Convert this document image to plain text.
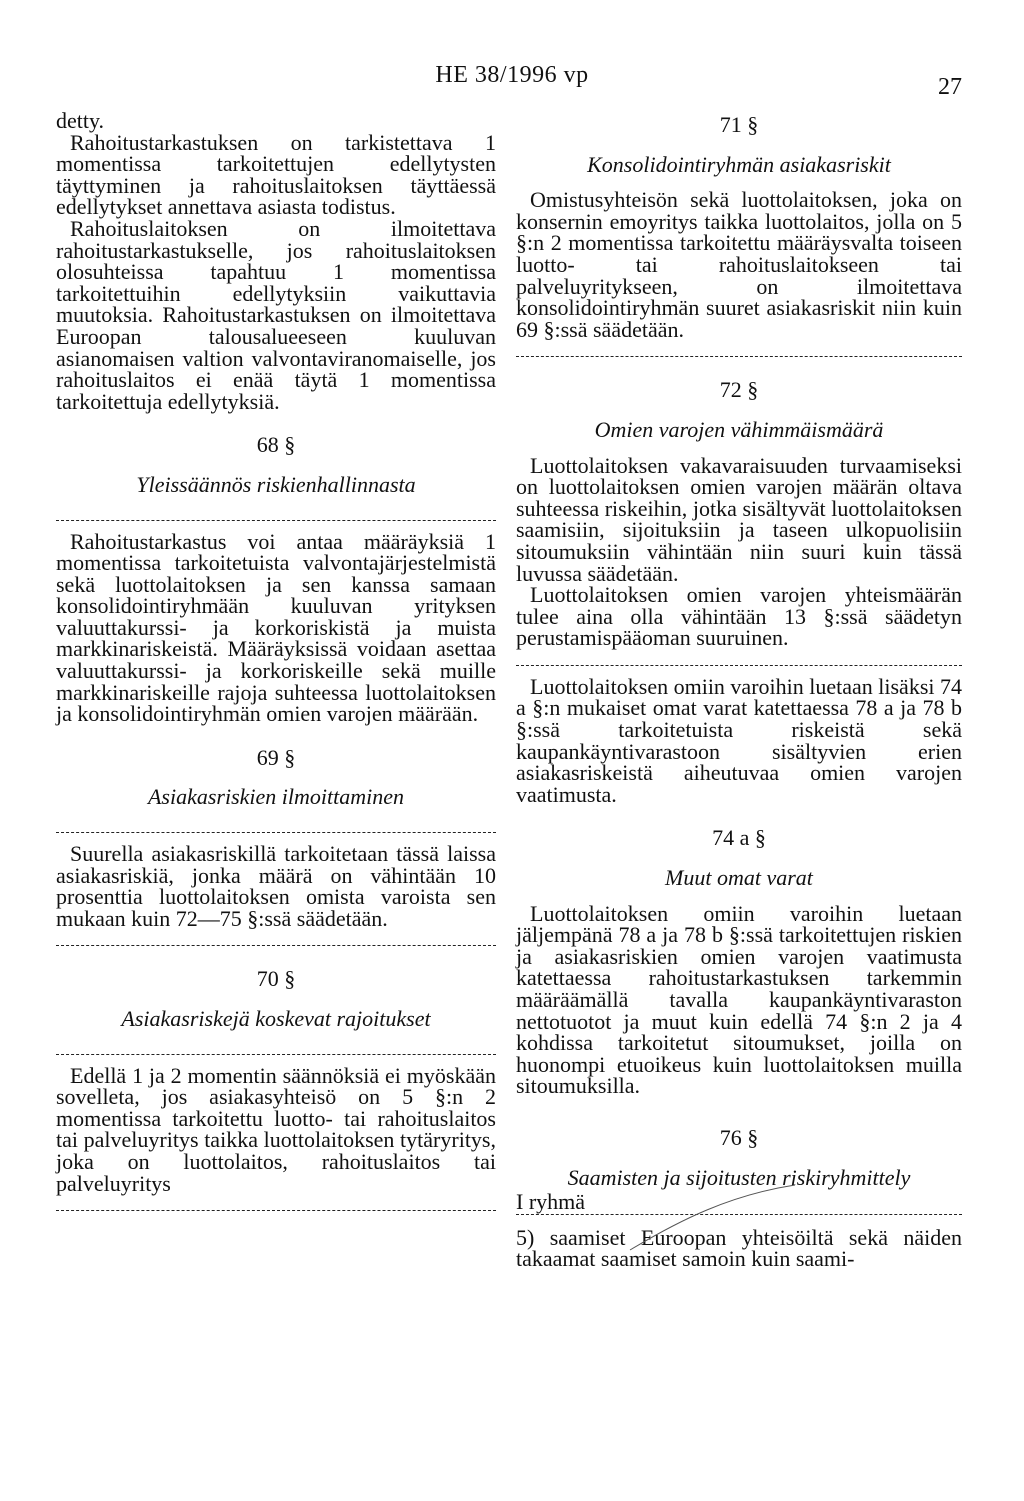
HE 38/1996 vp	27

detty.

Rahoitustarkastuksen on tarkistettava 1 momentissa tarkoitettujen edellytysten täyttyminen ja rahoituslaitoksen täyttäessä edellytykset annettava asiasta todistus.

Rahoituslaitoksen on ilmoitettava rahoitustarkastukselle, jos rahoituslaitoksen olosuhteissa tapahtuu 1 momentissa tarkoitettuihin edellytyksiin vaikuttavia muutoksia. Rahoitustarkastuksen on ilmoitettava Euroopan talousalueeseen kuuluvan asianomaisen valtion valvontaviranomaiselle, jos rahoituslaitos ei enää täytä 1 momentissa tarkoitettuja edellytyksiä.

68 §
Yleissäännös riskienhallinnasta

Rahoitustarkastus voi antaa määräyksiä 1 momentissa tarkoitetuista valvontajärjestelmistä sekä luottolaitoksen ja sen kanssa samaan konsolidointiryhmään kuuluvan yrityksen valuuttakurssi- ja korkoriskistä ja muista markkinariskeistä. Määräyksissä voidaan asettaa valuuttakurssi- ja korkoriskeille sekä muille markkinariskeille rajoja suhteessa luottolaitoksen ja konsolidointiryhmän omien varojen määrään.

69 §
Asiakasriskien ilmoittaminen

Suurella asiakasriskillä tarkoitetaan tässä laissa asiakasriskiä, jonka määrä on vähintään 10 prosenttia luottolaitoksen omista varoista sen mukaan kuin 72—75 §:ssä säädetään.

70 §
Asiakasriskejä koskevat rajoitukset

Edellä 1 ja 2 momentin säännöksiä ei myöskään sovelleta, jos asiakasyhteisö on 5 §:n 2 momentissa tarkoitettu luotto- tai rahoituslaitos tai palveluyritys taikka luottolaitoksen tytäryritys, joka on luottolaitos, rahoituslaitos tai palveluyritys

71 §
Konsolidointiryhmän asiakasriskit

Omistusyhteisön sekä luottolaitoksen, joka on konsernin emoyritys taikka luottolaitos, jolla on 5 §:n 2 momentissa tarkoitettu määräysvalta toiseen luotto- tai rahoituslaitokseen tai palveluyritykseen, on ilmoitettava konsolidointiryhmän suuret asiakasriskit niin kuin 69 §:ssä säädetään.

72 §
Omien varojen vähimmäismäärä

Luottolaitoksen vakavaraisuuden turvaamiseksi on luottolaitoksen omien varojen määrän oltava suhteessa riskeihin, jotka sisältyvät luottolaitoksen saamisiin, sijoituksiin ja taseen ulkopuolisiin sitoumuksiin vähintään niin suuri kuin tässä luvussa säädetään.

Luottolaitoksen omien varojen yhteismäärän tulee aina olla vähintään 13 §:ssä säädetyn perustamispääoman suuruinen.

Luottolaitoksen omiin varoihin luetaan lisäksi 74 a §:n mukaiset omat varat katettaessa 78 a ja 78 b §:ssä tarkoitetuista riskeistä sekä kaupankäyntivarastoon sisältyvien erien asiakasriskeistä aiheutuvaa omien varojen vaatimusta.

74 a §
Muut omat varat

Luottolaitoksen omiin varoihin luetaan jäljempänä 78 a ja 78 b §:ssä tarkoitettujen riskien ja asiakasriskien omien varojen vaatimusta katettaessa rahoitustarkastuksen tarkemmin määräämällä tavalla kaupankäyntivaraston nettotuotot ja muut kuin edellä 74 §:n 2 ja 4 kohdissa tarkoitetut sitoumukset, joilla on huonompi etuoikeus kuin luottolaitoksen muilla sitoumuksilla.

76 §
Saamisten ja sijoitusten riskiryhmittely

I ryhmä

5) saamiset Euroopan yhteisöiltä sekä näiden takaamat saamiset samoin kuin saami-
